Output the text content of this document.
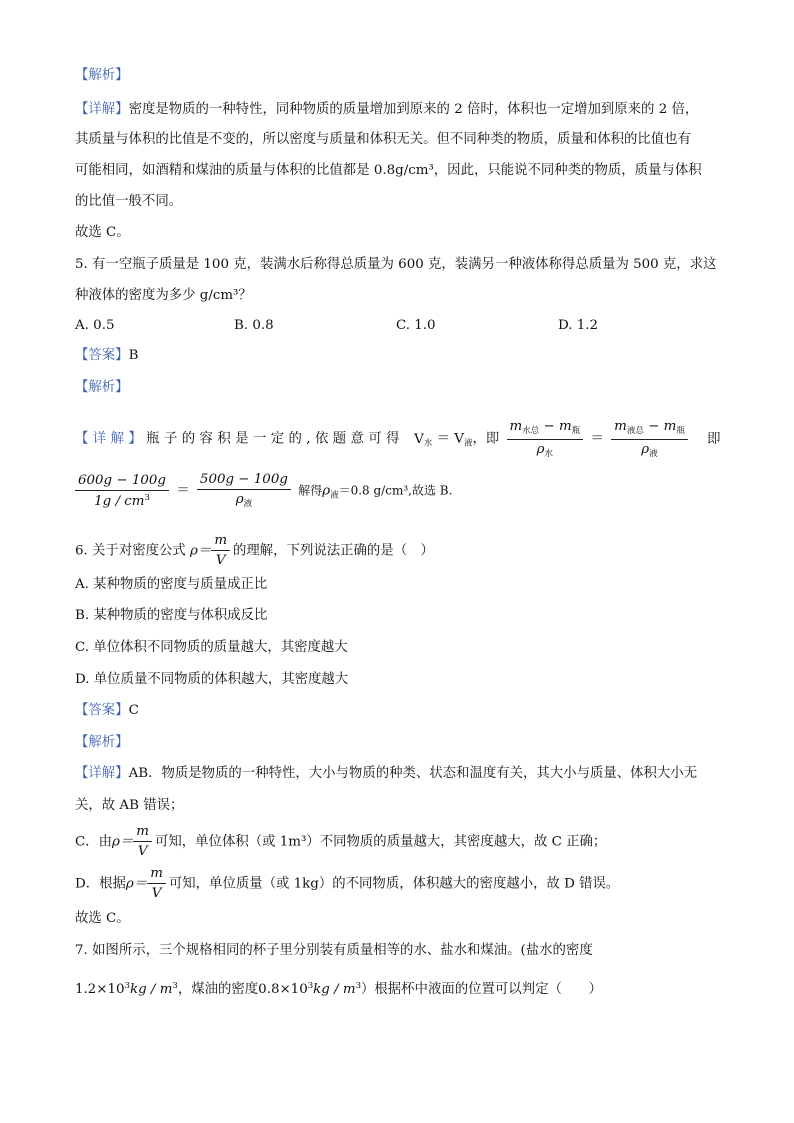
【解析】
【详解】密度是物质的一种特性，同种物质的质量增加到原来的 2 倍时，体积也一定增加到原来的 2 倍，
其质量与体积的比值是不变的，所以密度与质量和体积无关。但不同种类的物质，质量和体积的比值也有
可能相同，如酒精和煤油的质量与体积的比值都是 0.8g/cm³，因此，只能说不同种类的物质，质量与体积
的比值一般不同。
故选 C。
5. 有一空瓶子质量是 100 克，装满水后称得总质量为 600 克，装满另一种液体称得总质量为 500 克，求这
种液体的密度为多少 g/cm³？
A. 0.5	B. 0.8	C. 1.0	D. 1.2
【答案】B
【解析】
【详解】瓶子的容积是一定的,依题意可得 $V_水 = V_液$，即 $\frac{m_{水总} - m_瓶}{\rho_水} = \frac{m_{液总} - m_瓶}{\rho_液}$ 即
$\frac{600g - 100g}{1g / cm^3} = \frac{500g - 100g}{\rho_液}$ 解得$\rho_液=0.8$ g/cm³,故选 B.
6. 关于对密度公式 $\rho= \frac{m}{V}$ 的理解，下列说法正确的是（　）
A. 某种物质的密度与质量成正比
B. 某种物质的密度与体积成反比
C. 单位体积不同物质的质量越大，其密度越大
D. 单位质量不同物质的体积越大，其密度越大
【答案】C
【解析】
【详解】AB．物质是物质的一种特性，大小与物质的种类、状态和温度有关，其大小与质量、体积大小无
关，故 AB 错误；
C．由$\rho= \frac{m}{V}$ 可知，单位体积（或 1m³）不同物质的质量越大，其密度越大，故 C 正确；
D．根据$\rho= \frac{m}{V}$ 可知，单位质量（或 1kg）的不同物质，体积越大的密度越小，故 D 错误。
故选 C。
7. 如图所示，三个规格相同的杯子里分别装有质量相等的水、盐水和煤油。(盐水的密度
$1.2\times 10^3kg / m^3$，煤油的密度$0.8\times 10^3kg / m^3$）根据杯中液面的位置可以判定（　　）
